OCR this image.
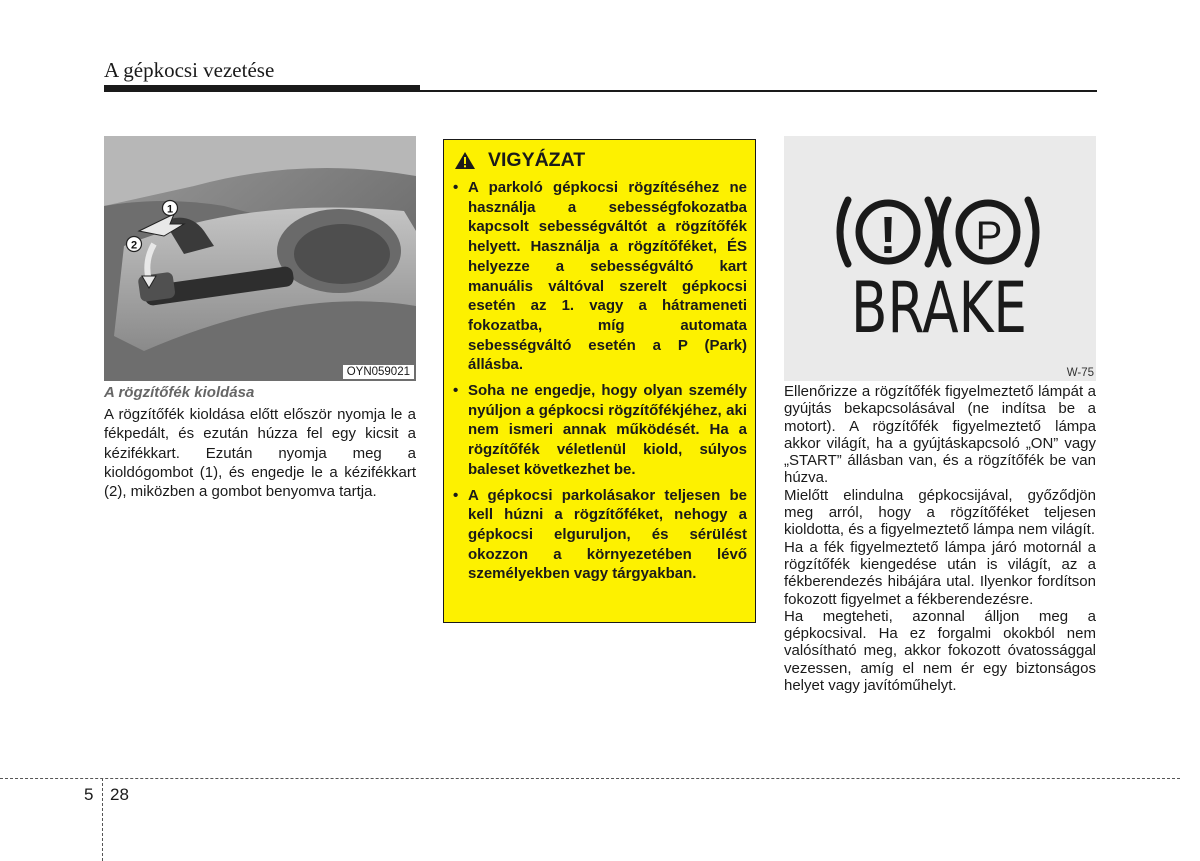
A gépkocsi vezetése
1
2
OYN059021
A rögzítőfék kioldása
A rögzítőfék kioldása előtt először nyomja le a fékpedált, és ezután húzza fel egy kicsit a kézifékkart. Ezután nyomja meg a kioldógombot (1), és engedje le a kézifékkart (2), miközben a gombot benyomva tartja.
VIGYÁZAT
• A parkoló gépkocsi rögzítéséhez ne használja a sebességfokozatba kapcsolt sebességváltót a rögzítőfék helyett. Használja a rögzítőféket, ÉS helyezze a sebességváltó kart manuális váltóval szerelt gépkocsi esetén az 1. vagy a hátrameneti fokozatba, míg automata sebességváltó esetén a P (Park) állásba.
• Soha ne engedje, hogy olyan személy nyúljon a gépkocsi rögzítőfékjéhez, aki nem ismeri annak működését. Ha a rögzítőfék véletlenül kiold, súlyos baleset következhet be.
• A gépkocsi parkolásakor teljesen be kell húzni a rögzítőféket, nehogy a gépkocsi elguruljon, és sérülést okozzon a környezetében lévő személyekben vagy tárgyakban.
! P
BRAKE
W-75

Ellenőrizze a rögzítőfék figyelmeztető lámpát a gyújtás bekapcsolásával (ne indítsa be a motort). A rögzítőfék figyelmeztető lámpa akkor világít, ha a gyújtáskapcsoló „ON” vagy „START” állásban van, és a rögzítőfék be van húzva.

Mielőtt elindulna gépkocsijával, győződjön meg arról, hogy a rögzítőféket teljesen kioldotta, és a figyelmeztető lámpa nem világít.

Ha a fék figyelmeztető lámpa járó motornál a rögzítőfék kiengedése után is világít, az a fékberendezés hibájára utal. Ilyenkor fordítson fokozott figyelmet a fékberendezésre.

Ha megteheti, azonnal álljon meg a gépkocsival. Ha ez forgalmi okokból nem valósítható meg, akkor fokozott óvatossággal vezessen, amíg el nem ér egy biztonságos helyet vagy javítóműhelyt.

5 28
